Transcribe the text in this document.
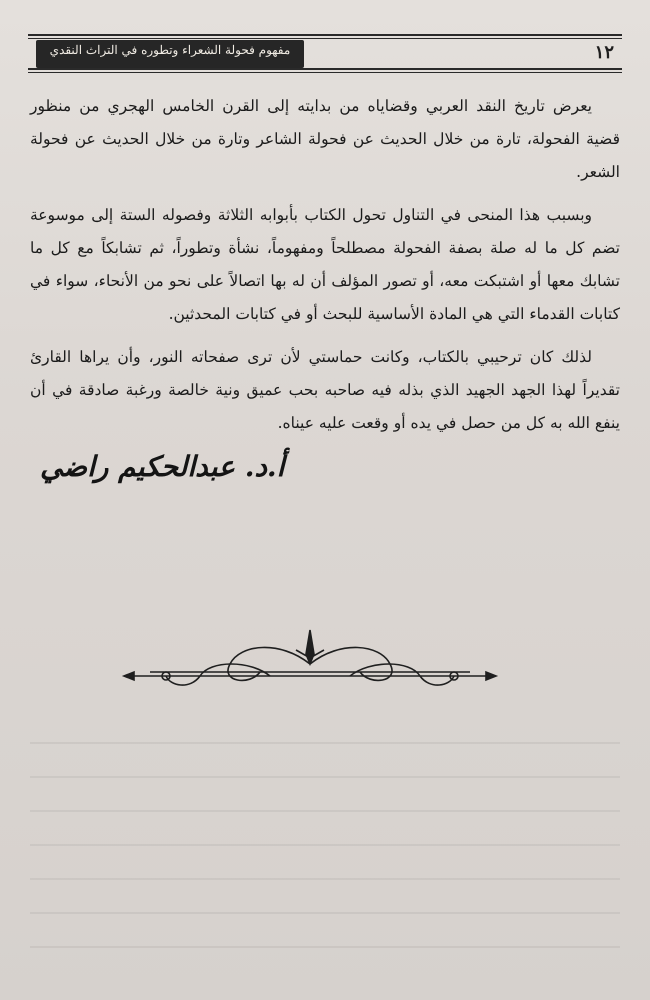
مفهوم فحولة الشعراء وتطوره في التراث النقدي	١٢

يعرض تاريخ النقد العربي وقضاياه من بدايته إلى القرن الخامس الهجري من منظور قضية الفحولة، تارة من خلال الحديث عن فحولة الشاعر وتارة من خلال الحديث عن فحولة الشعر.

وبسبب هذا المنحى في التناول تحول الكتاب بأبوابه الثلاثة وفصوله الستة إلى موسوعة تضم كل ما له صلة بصفة الفحولة مصطلحاً ومفهوماً، نشأة وتطوراً، ثم تشابكاً مع كل ما تشابك معها أو اشتبكت معه، أو تصور المؤلف أن له بها اتصالاً على نحو من الأنحاء، سواء في كتابات القدماء التي هي المادة الأساسية للبحث أو في كتابات المحدثين.

لذلك كان ترحيبي بالكتاب، وكانت حماستي لأن ترى صفحاته النور، وأن يراها القارئ تقديراً لهذا الجهد الجهيد الذي بذله فيه صاحبه بحب عميق ونية خالصة ورغبة صادقة في أن ينفع الله به كل من حصل في يده أو وقعت عليه عيناه.

أ.د. عبدالحكيم راضي
